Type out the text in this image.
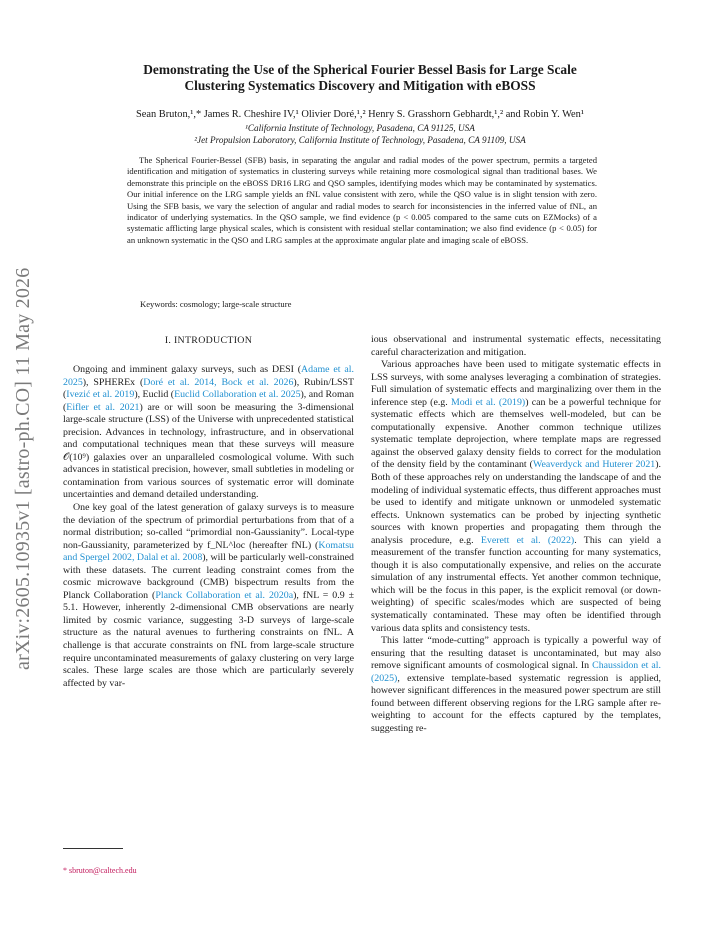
arXiv:2605.10935v1 [astro-ph.CO] 11 May 2026
Demonstrating the Use of the Spherical Fourier Bessel Basis for Large Scale
Clustering Systematics Discovery and Mitigation with eBOSS
Sean Bruton,¹,* James R. Cheshire IV,¹ Olivier Doré,¹,² Henry S. Grasshorn Gebhardt,¹,² and Robin Y. Wen¹
¹California Institute of Technology, Pasadena, CA 91125, USA
²Jet Propulsion Laboratory, California Institute of Technology, Pasadena, CA 91109, USA
The Spherical Fourier-Bessel (SFB) basis, in separating the angular and radial modes of the power spectrum, permits a targeted identification and mitigation of systematics in clustering surveys while retaining more cosmological signal than traditional bases. We demonstrate this principle on the eBOSS DR16 LRG and QSO samples, identifying modes which may be contaminated by systematics. Our initial inference on the LRG sample yields an fNL value consistent with zero, while the QSO value is in slight tension with zero. Using the SFB basis, we vary the selection of angular and radial modes to search for inconsistencies in the inferred value of fNL, an indicator of underlying systematics. In the QSO sample, we find evidence (p < 0.005 compared to the same cuts on EZMocks) of a systematic afflicting large physical scales, which is consistent with residual stellar contamination; we also find evidence (p < 0.05) for an unknown systematic in the QSO and LRG samples at the approximate angular plate and imaging scale of eBOSS.
Keywords: cosmology; large-scale structure
I. INTRODUCTION

Ongoing and imminent galaxy surveys, such as DESI (Adame et al. 2025), SPHEREx (Doré et al. 2014, Bock et al. 2026), Rubin/LSST (Ivezić et al. 2019), Euclid (Euclid Collaboration et al. 2025), and Roman (Eifler et al. 2021) are or will soon be measuring the 3-dimensional large-scale structure (LSS) of the Universe with unprecedented statistical precision. Advances in technology, infrastructure, and in observational and computational techniques mean that these surveys will measure 𝒪(10⁹) galaxies over an unparalleled cosmological volume. With such advances in statistical precision, however, small subtleties in modeling or contamination from various sources of systematic error will dominate uncertainties and demand detailed understanding.

One key goal of the latest generation of galaxy surveys is to measure the deviation of the spectrum of primordial perturbations from that of a normal distribution; so-called “primordial non-Gaussianity”. Local-type non-Gaussianity, parameterized by f_NL^loc (hereafter fNL) (Komatsu and Spergel 2002, Dalal et al. 2008), will be particularly well-constrained with these datasets. The current leading constraint comes from the cosmic microwave background (CMB) bispectrum results from the Planck Collaboration (Planck Collaboration et al. 2020a), fNL = 0.9 ± 5.1. However, inherently 2-dimensional CMB observations are nearly limited by cosmic variance, suggesting 3-D surveys of large-scale structure as the natural avenues to furthering constraints on fNL. A challenge is that accurate constraints on fNL from large-scale structure require uncontaminated measurements of galaxy clustering on very large scales. These large scales are those which are particularly severely affected by var-

ious observational and instrumental systematic effects, necessitating careful characterization and mitigation.

Various approaches have been used to mitigate systematic effects in LSS surveys, with some analyses leveraging a combination of strategies. Full simulation of systematic effects and marginalizing over them in the inference step (e.g. Modi et al. (2019)) can be a powerful technique for systematic effects which are themselves well-modeled, but can be computationally expensive. Another common technique utilizes systematic template deprojection, where template maps are regressed against the observed galaxy density fields to correct for the modulation of the density field by the contaminant (Weaverdyck and Huterer 2021). Both of these approaches rely on understanding the landscape of and the modeling of individual systematic effects, thus different approaches must be used to identify and mitigate unknown or unmodeled systematic effects. Unknown systematics can be probed by injecting synthetic sources with known properties and propagating them through the analysis procedure, e.g. Everett et al. (2022). This can yield a measurement of the transfer function accounting for many systematics, though it is also computationally expensive, and relies on the accurate simulation of any instrumental effects. Yet another common technique, which will be the focus in this paper, is the explicit removal (or down-weighting) of specific scales/modes which are suspected of being systematically contaminated. These may often be identified through various data splits and consistency tests.

This latter “mode-cutting” approach is typically a powerful way of ensuring that the resulting dataset is uncontaminated, but may also remove significant amounts of cosmological signal. In Chaussidon et al. (2025), extensive template-based systematic regression is applied, however significant differences in the measured power spectrum are still found between different observing regions for the LRG sample after re-weighting to account for the effects captured by the templates, suggesting re-

* sbruton@caltech.edu
